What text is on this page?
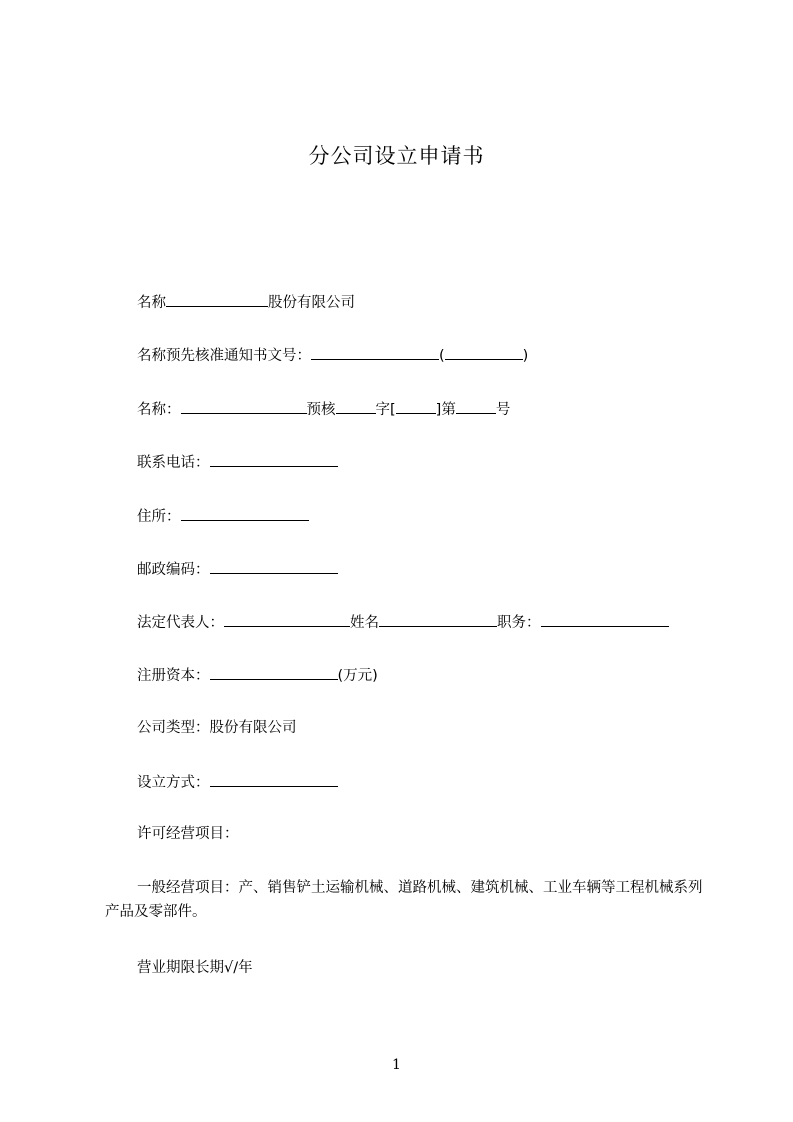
分公司设立申请书
名称	股份有限公司
名称预先核准通知书文号：	(	)
名称：	预核	字[	]第	号
联系电话：
住所：
邮政编码：
法定代表人：	姓名	职务：
注册资本：	(万元)
公司类型：股份有限公司
设立方式：
许可经营项目：
一般经营项目：产、销售铲土运输机械、道路机械、建筑机械、工业车辆等工程机械系列产品及零部件。
营业期限长期√/年
1
